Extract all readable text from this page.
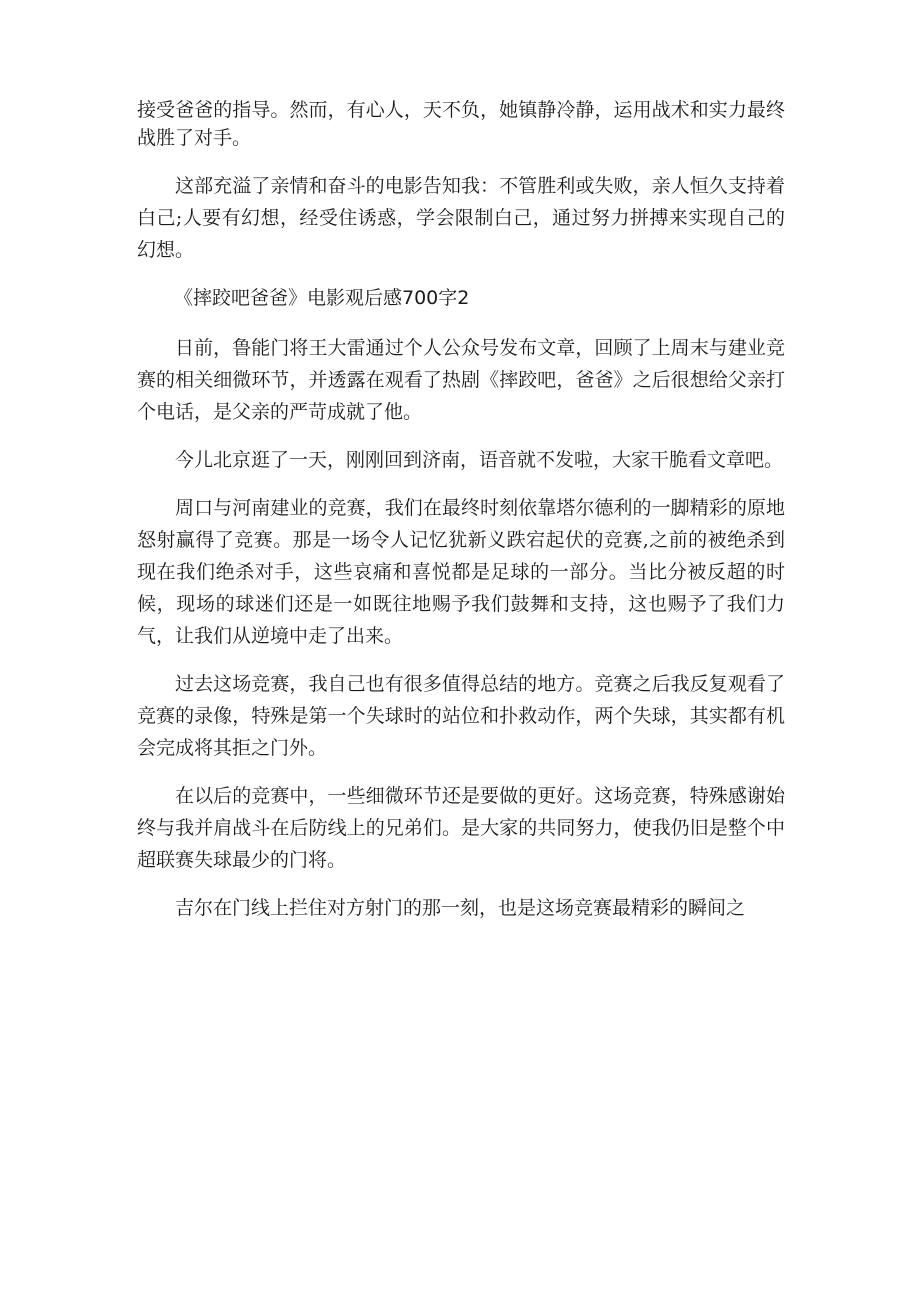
接受爸爸的指导。然而，有心人，天不负，她镇静冷静，运用战术和实力最终战胜了对手。

这部充溢了亲情和奋斗的电影告知我：不管胜利或失败，亲人恒久支持着白己;人要有幻想，经受住诱惑，学会限制白己，通过努力拼搏来实现自己的幻想。

《摔跤吧爸爸》电影观后感700字2

日前，鲁能门将王大雷通过个人公众号发布文章，回顾了上周末与建业竞赛的相关细微环节，并透露在观看了热剧《摔跤吧，爸爸》之后很想给父亲打个电话，是父亲的严苛成就了他。

今儿北京逛了一天，刚刚回到济南，语音就不发啦，大家干脆看文章吧。

周口与河南建业的竞赛，我们在最终时刻依靠塔尔德利的一脚精彩的原地怒射赢得了竞赛。那是一场令人记忆犹新义跌宕起伏的竞赛,之前的被绝杀到现在我们绝杀对手，这些哀痛和喜悦都是足球的一部分。当比分被反超的时候，现场的球迷们还是一如既往地赐予我们鼓舞和支持，这也赐予了我们力气，让我们从逆境中走了出来。

过去这场竞赛，我自己也有很多值得总结的地方。竞赛之后我反复观看了竞赛的录像，特殊是第一个失球时的站位和扑救动作，两个失球，其实都有机会完成将其拒之门外。

在以后的竞赛中，一些细微环节还是要做的更好。这场竞赛，特殊感谢始终与我并肩战斗在后防线上的兄弟们。是大家的共同努力，使我仍旧是整个中超联赛失球最少的门将。

吉尔在门线上拦住对方射门的那一刻，也是这场竞赛最精彩的瞬间之
